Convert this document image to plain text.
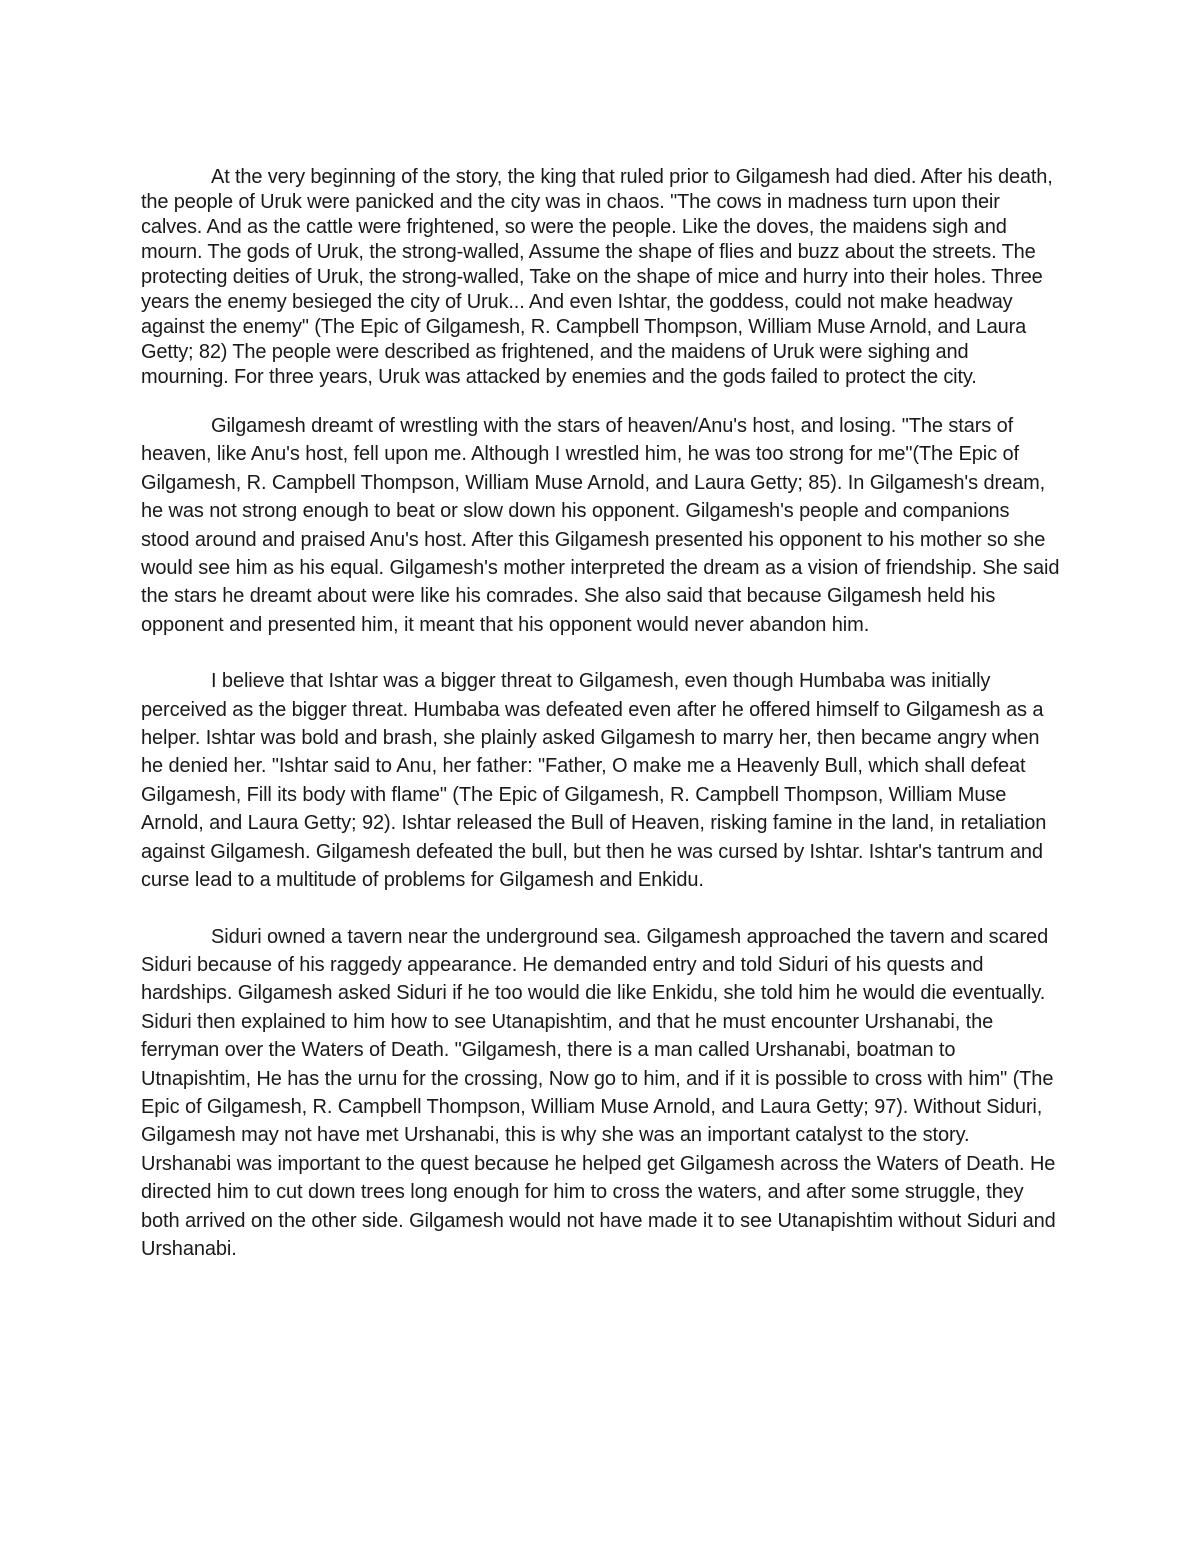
At the very beginning of the story, the king that ruled prior to Gilgamesh had died. After his death, the people of Uruk were panicked and the city was in chaos. "The cows in madness turn upon their calves. And as the cattle were frightened, so were the people. Like the doves, the maidens sigh and mourn. The gods of Uruk, the strong-walled, Assume the shape of flies and buzz about the streets. The protecting deities of Uruk, the strong-walled, Take on the shape of mice and hurry into their holes. Three years the enemy besieged the city of Uruk... And even Ishtar, the goddess, could not make headway against the enemy" (The Epic of Gilgamesh, R. Campbell Thompson, William Muse Arnold, and Laura Getty; 82) The people were described as frightened, and the maidens of Uruk were sighing and mourning. For three years, Uruk was attacked by enemies and the gods failed to protect the city.

Gilgamesh dreamt of wrestling with the stars of heaven/Anu's host, and losing. "The stars of heaven, like Anu's host, fell upon me. Although I wrestled him, he was too strong for me"(The Epic of Gilgamesh, R. Campbell Thompson, William Muse Arnold, and Laura Getty; 85). In Gilgamesh's dream, he was not strong enough to beat or slow down his opponent. Gilgamesh's people and companions stood around and praised Anu's host. After this Gilgamesh presented his opponent to his mother so she would see him as his equal. Gilgamesh's mother interpreted the dream as a vision of friendship. She said the stars he dreamt about were like his comrades. She also said that because Gilgamesh held his opponent and presented him, it meant that his opponent would never abandon him.

I believe that Ishtar was a bigger threat to Gilgamesh, even though Humbaba was initially perceived as the bigger threat. Humbaba was defeated even after he offered himself to Gilgamesh as a helper. Ishtar was bold and brash, she plainly asked Gilgamesh to marry her, then became angry when he denied her. "Ishtar said to Anu, her father: "Father, O make me a Heavenly Bull, which shall defeat Gilgamesh, Fill its body with flame" (The Epic of Gilgamesh, R. Campbell Thompson, William Muse Arnold, and Laura Getty; 92). Ishtar released the Bull of Heaven, risking famine in the land, in retaliation against Gilgamesh. Gilgamesh defeated the bull, but then he was cursed by Ishtar. Ishtar's tantrum and curse lead to a multitude of problems for Gilgamesh and Enkidu.

Siduri owned a tavern near the underground sea. Gilgamesh approached the tavern and scared Siduri because of his raggedy appearance. He demanded entry and told Siduri of his quests and hardships. Gilgamesh asked Siduri if he too would die like Enkidu, she told him he would die eventually. Siduri then explained to him how to see Utanapishtim, and that he must encounter Urshanabi, the ferryman over the Waters of Death. "Gilgamesh, there is a man called Urshanabi, boatman to Utnapishtim, He has the urnu for the crossing, Now go to him, and if it is possible to cross with him" (The Epic of Gilgamesh, R. Campbell Thompson, William Muse Arnold, and Laura Getty; 97). Without Siduri, Gilgamesh may not have met Urshanabi, this is why she was an important catalyst to the story. Urshanabi was important to the quest because he helped get Gilgamesh across the Waters of Death. He directed him to cut down trees long enough for him to cross the waters, and after some struggle, they both arrived on the other side. Gilgamesh would not have made it to see Utanapishtim without Siduri and Urshanabi.
